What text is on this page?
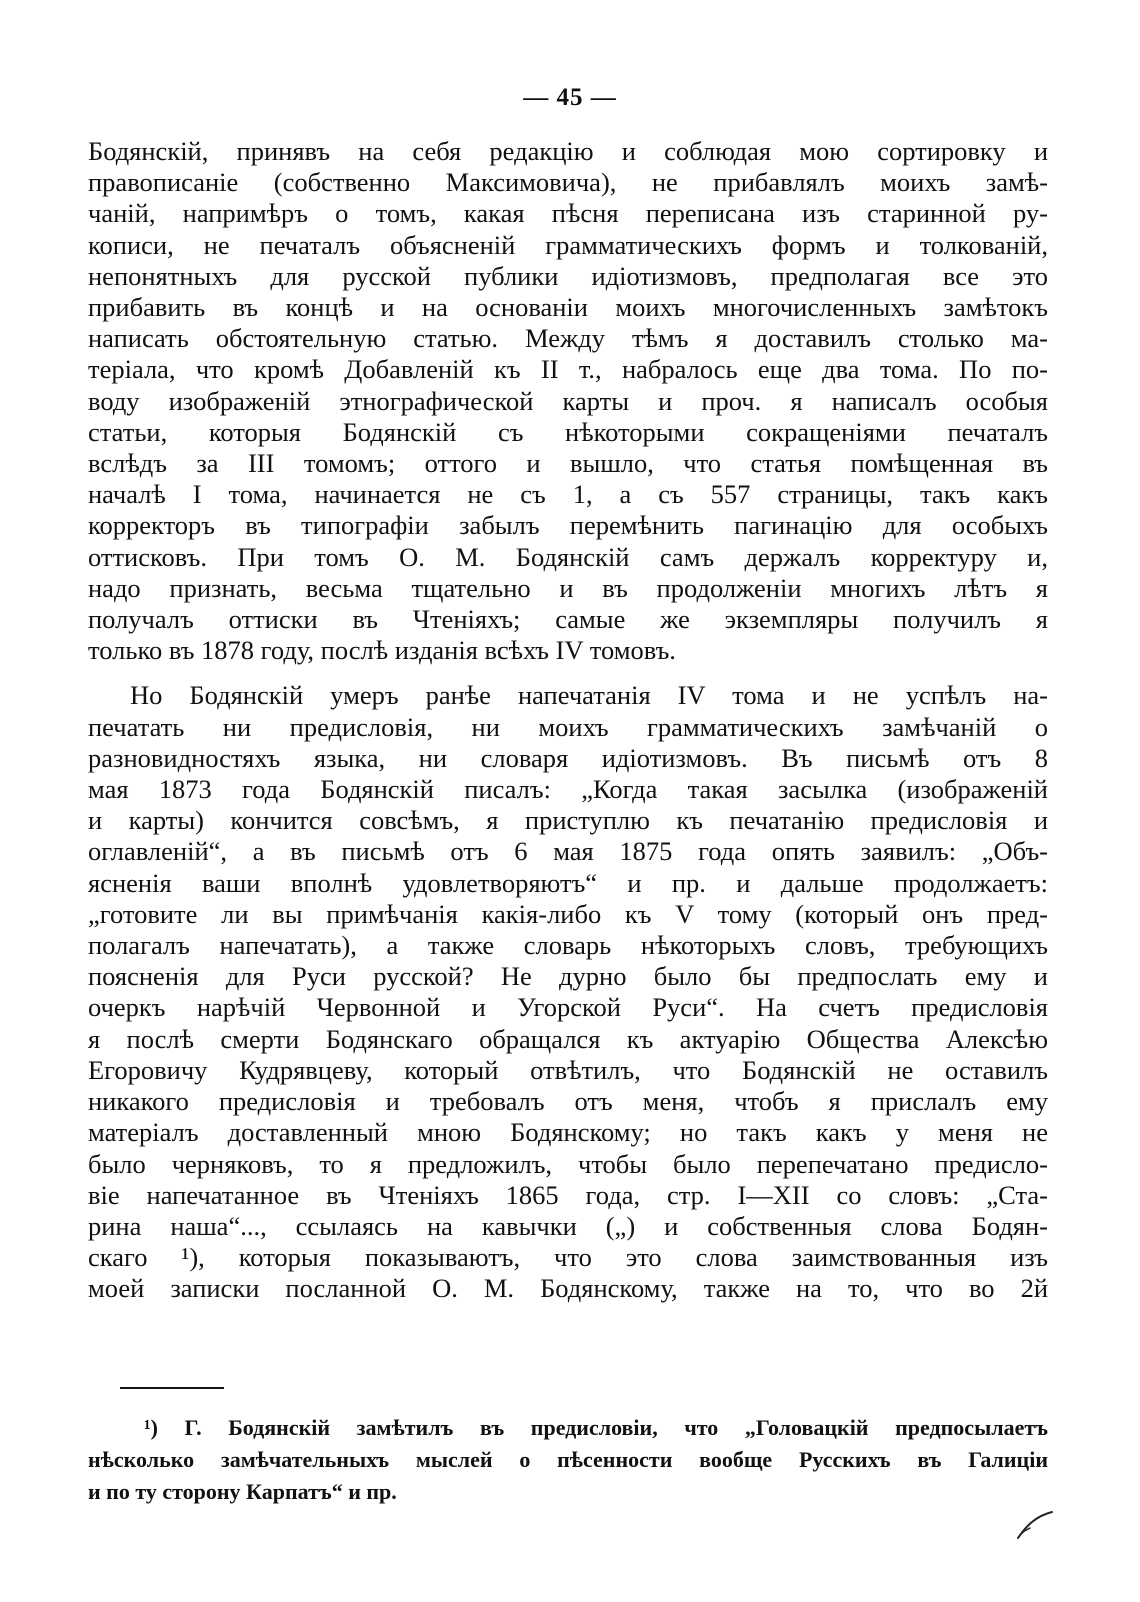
— 45 —

Бодянскій, принявъ на себя редакцію и соблюдая мою сортировку и
правописаніе (собственно Максимовича), не прибавлялъ моихъ замѣ-
чаній, напримѣръ о томъ, какая пѣсня переписана изъ старинной ру-
кописи, не печаталъ объясненій грамматическихъ формъ и толкованій,
непонятныхъ для русской публики идіотизмовъ, предполагая все это
прибавить въ концѣ и на основаніи моихъ многочисленныхъ замѣтокъ
написать обстоятельную статью. Между тѣмъ я доставилъ столько ма-
теріала, что кромѣ Добавленій къ II т., набралось еще два тома. По по-
воду изображеній этнографической карты и проч. я написалъ особыя
статьи, которыя Бодянскій съ нѣкоторыми сокращеніями печаталъ
вслѣдъ за III томомъ; оттого и вышло, что статья помѣщенная въ
началѣ I тома, начинается не съ 1, а съ 557 страницы, такъ какъ
корректоръ въ типографіи забылъ перемѣнить пагинацію для особыхъ
оттисковъ. При томъ О. М. Бодянскій самъ держалъ корректуру и,
надо признать, весьма тщательно и въ продолженіи многихъ лѣтъ я
получалъ оттиски въ Чтеніяхъ; самые же экземпляры получилъ я
только въ 1878 году, послѣ изданія всѣхъ IV томовъ.

Но Бодянскій умеръ ранѣе напечатанія IV тома и не успѣлъ на-
печатать ни предисловія, ни моихъ грамматическихъ замѣчаній о
разновидностяхъ языка, ни словаря идіотизмовъ. Въ письмѣ отъ 8
мая 1873 года Бодянскій писалъ: „Когда такая засылка (изображеній
и карты) кончится совсѣмъ, я приступлю къ печатанію предисловія и
оглавленій“, а въ письмѣ отъ 6 мая 1875 года опять заявилъ: „Объ-
ясненія ваши вполнѣ удовлетворяютъ“ и пр. и дальше продолжаетъ:
„готовите ли вы примѣчанія какія-либо къ V тому (который онъ пред-
полагалъ напечатать), а также словарь нѣкоторыхъ словъ, требующихъ
поясненія для Руси русской? Не дурно было бы предпослать ему и
очеркъ нарѣчій Червонной и Угорской Руси“. На счетъ предисловія
я послѣ смерти Бодянскаго обращался къ актуарію Общества Алексѣю
Егоровичу Кудрявцеву, который отвѣтилъ, что Бодянскій не оставилъ
никакого предисловія и требовалъ отъ меня, чтобъ я прислалъ ему
матеріалъ доставленный мною Бодянскому; но такъ какъ у меня не
было черняковъ, то я предложилъ, чтобы было перепечатано предисло-
віе напечатанное въ Чтеніяхъ 1865 года, стр. I—XII со словъ: „Ста-
рина наша“..., ссылаясь на кавычки („) и собственныя слова Бодян-
скаго ¹), которыя показываютъ, что это слова заимствованныя изъ
моей записки посланной О. М. Бодянскому, также на то, что во 2й

¹) Г. Бодянскій замѣтилъ въ предисловіи, что „Головацкій предпосылаетъ
нѣсколько замѣчательныхъ мыслей о пѣсенности вообще Русскихъ въ Галиціи
и по ту сторону Карпатъ“ и пр.
